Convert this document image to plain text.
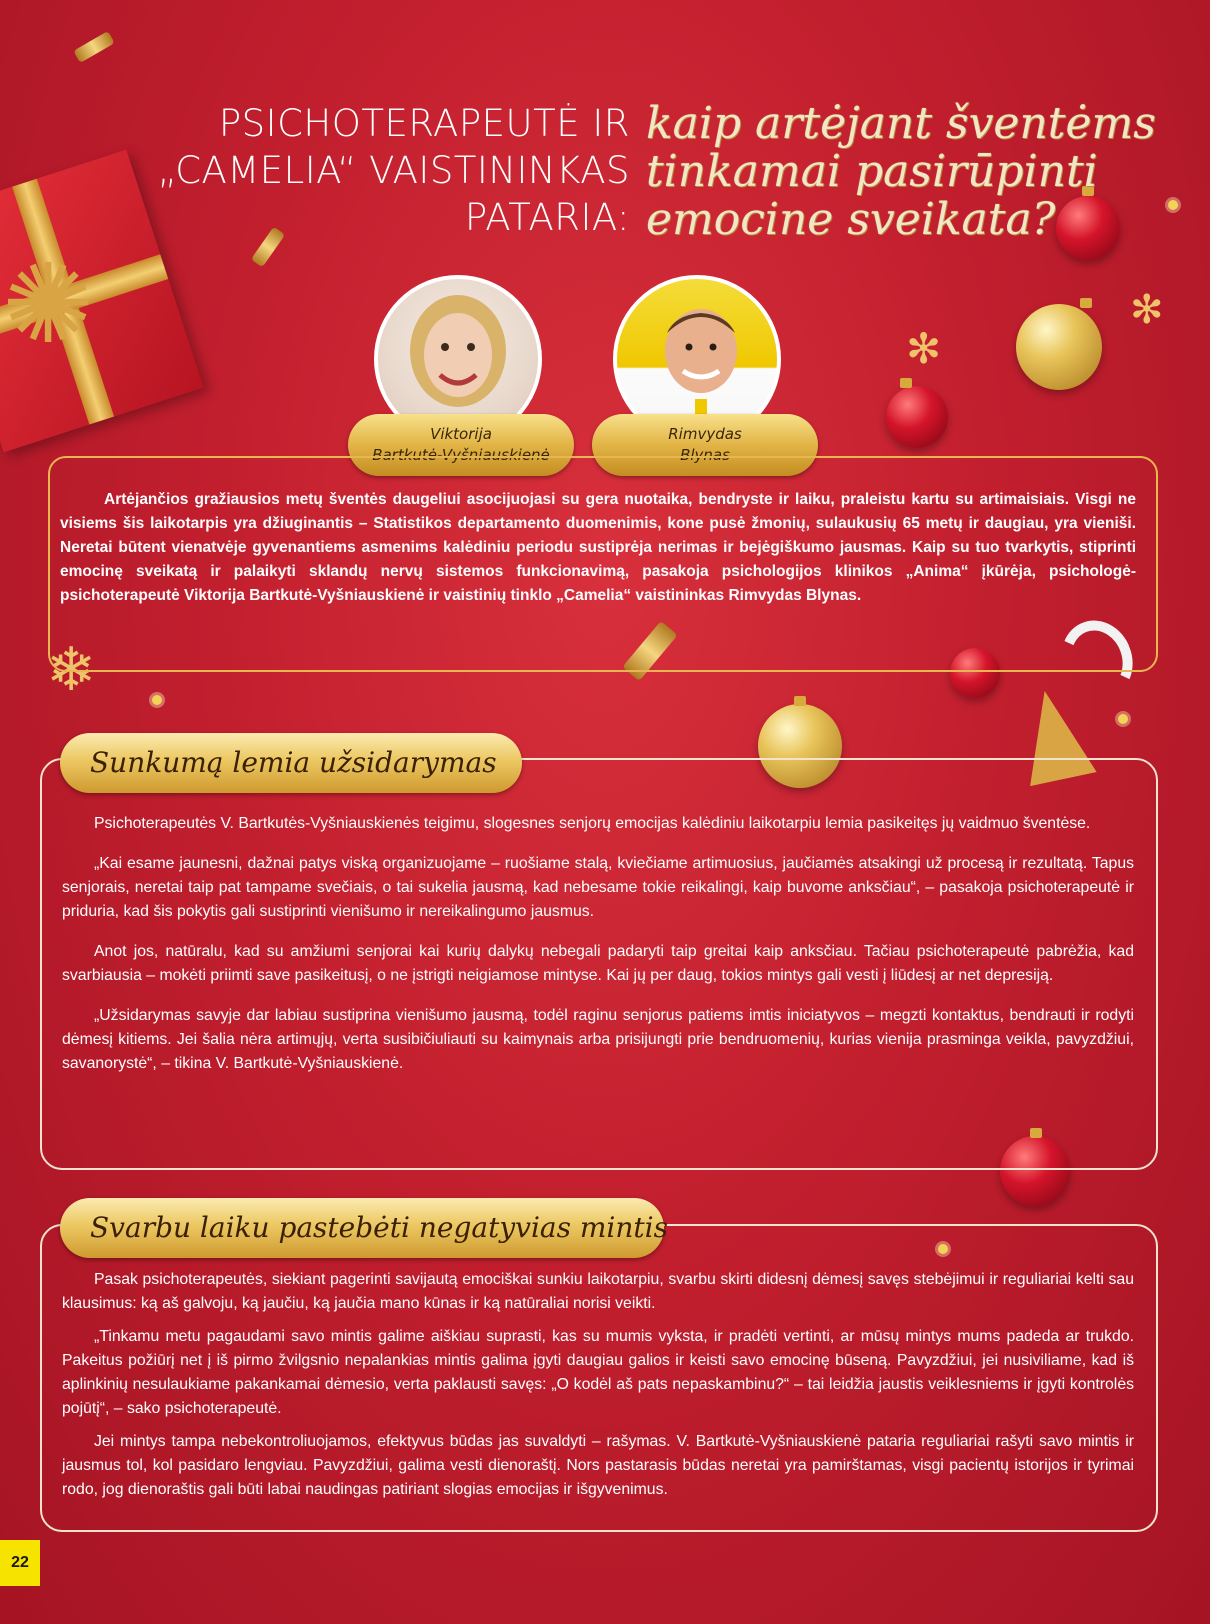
✺	✻
✻
❄
PSICHOTERAPEUTĖ IR
„CAMELIA“ VAISTININKAS
PATARIA:
kaip artėjant šventėms
tinkamai pasirūpinti
emocine sveikata?
Viktorija
Bartkutė-Vyšniauskienė
Rimvydas
Blynas
Artėjančios gražiausios metų šventės daugeliui asocijuojasi su gera nuotaika, bendryste ir laiku, praleistu kartu su artimaisiais. Visgi ne visiems šis laikotarpis yra džiuginantis – Statistikos departamento duomenimis, kone pusė žmonių, sulaukusių 65 metų ir daugiau, yra vieniši. Neretai būtent vienatvėje gyvenantiems asmenims kalėdiniu periodu sustiprėja nerimas ir bejėgiškumo jausmas. Kaip su tuo tvarkytis, stiprinti emocinę sveikatą ir palaikyti sklandų nervų sistemos funkcionavimą, pasakoja psichologijos klinikos „Anima“ įkūrėja, psichologė-psichoterapeutė Viktorija Bartkutė-Vyšniauskienė ir vaistinių tinklo „Camelia“ vaistininkas Rimvydas Blynas.
Sunkumą lemia užsidarymas

Psichoterapeutės V. Bartkutės-Vyšniauskienės teigimu, slogesnes senjorų emocijas kalėdiniu laikotarpiu lemia pasikeitęs jų vaidmuo šventėse.

„Kai esame jaunesni, dažnai patys viską organizuojame – ruošiame stalą, kviečiame artimuosius, jaučiamės atsakingi už procesą ir rezultatą. Tapus senjorais, neretai taip pat tampame svečiais, o tai sukelia jausmą, kad nebesame tokie reikalingi, kaip buvome anksčiau“, – pasakoja psichoterapeutė ir priduria, kad šis pokytis gali sustiprinti vienišumo ir nereikalingumo jausmus.

Anot jos, natūralu, kad su amžiumi senjorai kai kurių dalykų nebegali padaryti taip greitai kaip anksčiau. Tačiau psichoterapeutė pabrėžia, kad svarbiausia – mokėti priimti save pasikeitusį, o ne įstrigti neigiamose mintyse. Kai jų per daug, tokios mintys gali vesti į liūdesį ar net depresiją.

„Užsidarymas savyje dar labiau sustiprina vienišumo jausmą, todėl raginu senjorus patiems imtis iniciatyvos – megzti kontaktus, bendrauti ir rodyti dėmesį kitiems. Jei šalia nėra artimųjų, verta susibičiuliauti su kaimynais arba prisijungti prie bendruomenių, kurias vienija prasminga veikla, pavyzdžiui, savanorystė“, – tikina V. Bartkutė-Vyšniauskienė.

Svarbu laiku pastebėti negatyvias mintis

Pasak psichoterapeutės, siekiant pagerinti savijautą emociškai sunkiu laikotarpiu, svarbu skirti didesnį dėmesį savęs stebėjimui ir reguliariai kelti sau klausimus: ką aš galvoju, ką jaučiu, ką jaučia mano kūnas ir ką natūraliai norisi veikti.

„Tinkamu metu pagaudami savo mintis galime aiškiau suprasti, kas su mumis vyksta, ir pradėti vertinti, ar mūsų mintys mums padeda ar trukdo. Pakeitus požiūrį net į iš pirmo žvilgsnio nepalankias mintis galima įgyti daugiau galios ir keisti savo emocinę būseną. Pavyzdžiui, jei nusiviliame, kad iš aplinkinių nesulaukiame pakankamai dėmesio, verta paklausti savęs: „O kodėl aš pats nepaskambinu?“ – tai leidžia jaustis veiklesniems ir įgyti kontrolės pojūtį“, – sako psichoterapeutė.

Jei mintys tampa nebekontroliuojamos, efektyvus būdas jas suvaldyti – rašymas. V. Bartkutė-Vyšniauskienė pataria reguliariai rašyti savo mintis ir jausmus tol, kol pasidaro lengviau. Pavyzdžiui, galima vesti dienoraštį. Nors pastarasis būdas neretai yra pamirštamas, visgi pacientų istorijos ir tyrimai rodo, jog dienoraštis gali būti labai naudingas patiriant slogias emocijas ir išgyvenimus.

22
